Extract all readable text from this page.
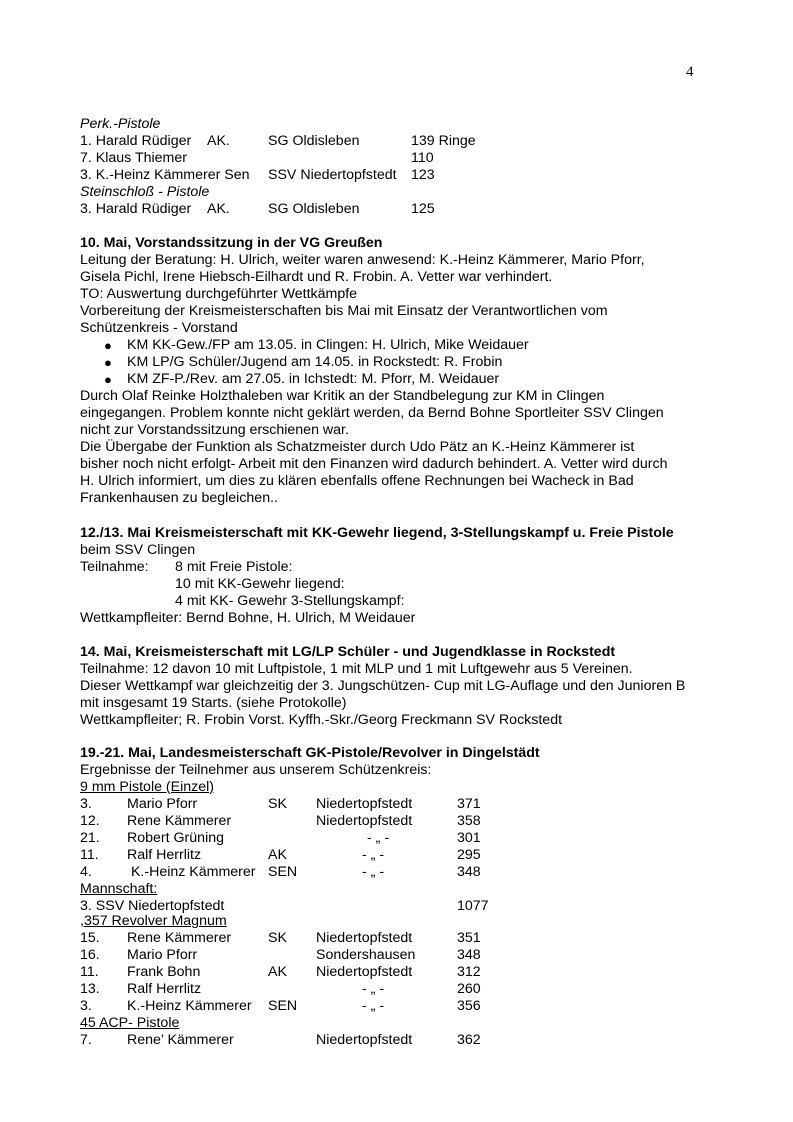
4
Perk.-Pistole
1. Harald Rüdiger AK.	SG Oldisleben	139 Ringe
7. Klaus Thiemer	110
3. K.-Heinz Kämmerer Sen SSV Niedertopfstedt 123
Steinschloß - Pistole
3. Harald Rüdiger AK.	SG Oldisleben	125
10. Mai, Vorstandssitzung in der VG Greußen
Leitung der Beratung: H. Ulrich, weiter waren anwesend: K.-Heinz Kämmerer, Mario Pforr,
Gisela Pichl, Irene Hiebsch-Eilhardt und R. Frobin. A. Vetter war verhindert.
TO: Auswertung durchgeführter Wettkämpfe
Vorbereitung der Kreismeisterschaften bis Mai mit Einsatz der Verantwortlichen vom
Schützenkreis - Vorstand
● KM KK-Gew./FP am 13.05. in Clingen: H. Ulrich, Mike Weidauer
● KM LP/G Schüler/Jugend am 14.05. in Rockstedt: R. Frobin
● KM ZF-P./Rev. am 27.05. in Ichstedt: M. Pforr, M. Weidauer
Durch Olaf Reinke Holzthaleben war Kritik an der Standbelegung zur KM in Clingen
eingegangen. Problem konnte nicht geklärt werden, da Bernd Bohne Sportleiter SSV Clingen
nicht zur Vorstandssitzung erschienen war.
Die Übergabe der Funktion als Schatzmeister durch Udo Pätz an K.-Heinz Kämmerer ist
bisher noch nicht erfolgt- Arbeit mit den Finanzen wird dadurch behindert. A. Vetter wird durch
H. Ulrich informiert, um dies zu klären ebenfalls offene Rechnungen bei Wacheck in Bad
Frankenhausen zu begleichen..
12./13. Mai Kreismeisterschaft mit KK-Gewehr liegend, 3-Stellungskampf u. Freie Pistole
beim SSV Clingen
Teilnahme: 8 mit Freie Pistole:
10 mit KK-Gewehr liegend:
4 mit KK- Gewehr 3-Stellungskampf:
Wettkampfleiter: Bernd Bohne, H. Ulrich, M Weidauer
14. Mai, Kreismeisterschaft mit LG/LP Schüler - und Jugendklasse in Rockstedt
Teilnahme: 12 davon 10 mit Luftpistole, 1 mit MLP und 1 mit Luftgewehr aus 5 Vereinen.
Dieser Wettkampf war gleichzeitig der 3. Jungschützen- Cup mit LG-Auflage und den Junioren B
mit insgesamt 19 Starts. (siehe Protokolle)
Wettkampfleiter; R. Frobin Vorst. Kyffh.-Skr./Georg Freckmann SV Rockstedt
19.-21. Mai, Landesmeisterschaft GK-Pistole/Revolver in Dingelstädt
Ergebnisse der Teilnehmer aus unserem Schützenkreis:
9 mm Pistole (Einzel)
3. Mario Pforr	SK Niedertopfstedt	371
12. Rene Kämmerer	Niedertopfstedt	358
21. Robert Grüning	- „ -	301
11. Ralf Herrlitz	AK	- „ -	295
4. K.-Heinz Kämmerer SEN	- „ -	348
Mannschaft:
3. SSV Niedertopfstedt	1077
,357 Revolver Magnum
15. Rene Kämmerer	SK Niedertopfstedt	351
16. Mario Pforr	Sondershausen	348
11. Frank Bohn	AK Niedertopfstedt	312
13. Ralf Herrlitz	- „ -	260
3. K.-Heinz Kämmerer SEN	- „ -	356
45 ACP- Pistole
7. Rene’ Kämmerer	Niedertopfstedt	362
